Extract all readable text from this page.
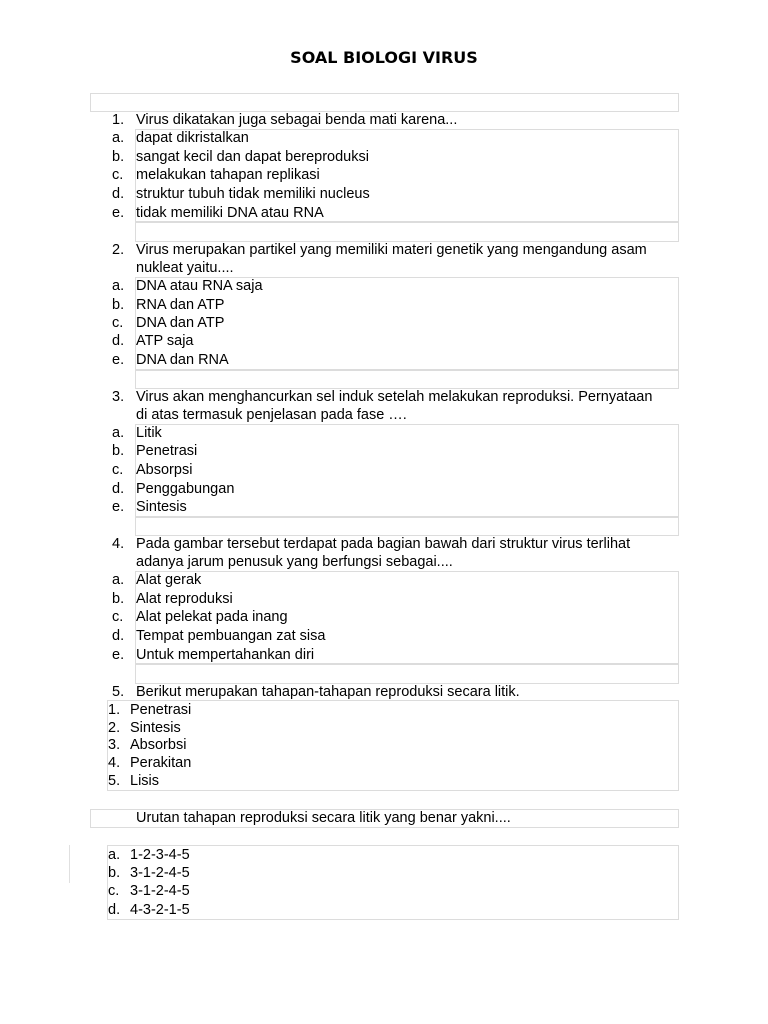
SOAL BIOLOGI VIRUS
1. Virus dikatakan juga sebagai benda mati karena...
a. dapat dikristalkan
b. sangat kecil dan dapat bereproduksi
c. melakukan tahapan replikasi
d. struktur tubuh tidak memiliki nucleus
e. tidak memiliki DNA atau RNA
2. Virus merupakan partikel yang memiliki materi genetik yang mengandung asam
nukleat yaitu....
a. DNA atau RNA saja
b. RNA dan ATP
c. DNA dan ATP
d. ATP saja
e. DNA dan RNA
3. Virus akan menghancurkan sel induk setelah melakukan reproduksi. Pernyataan
di atas termasuk penjelasan pada fase ….
a. Litik
b. Penetrasi
c. Absorpsi
d. Penggabungan
e. Sintesis
4. Pada gambar tersebut terdapat pada bagian bawah dari struktur virus terlihat
adanya jarum penusuk yang berfungsi sebagai....
a. Alat gerak
b. Alat reproduksi
c. Alat pelekat pada inang
d. Tempat pembuangan zat sisa
e. Untuk mempertahankan diri
5. Berikut merupakan tahapan-tahapan reproduksi secara litik.
1. Penetrasi
2. Sintesis
3. Absorbsi
4. Perakitan
5. Lisis
Urutan tahapan reproduksi secara litik yang benar yakni....
a. 1-2-3-4-5
b. 3-1-2-4-5
c. 3-1-2-4-5
d. 4-3-2-1-5
